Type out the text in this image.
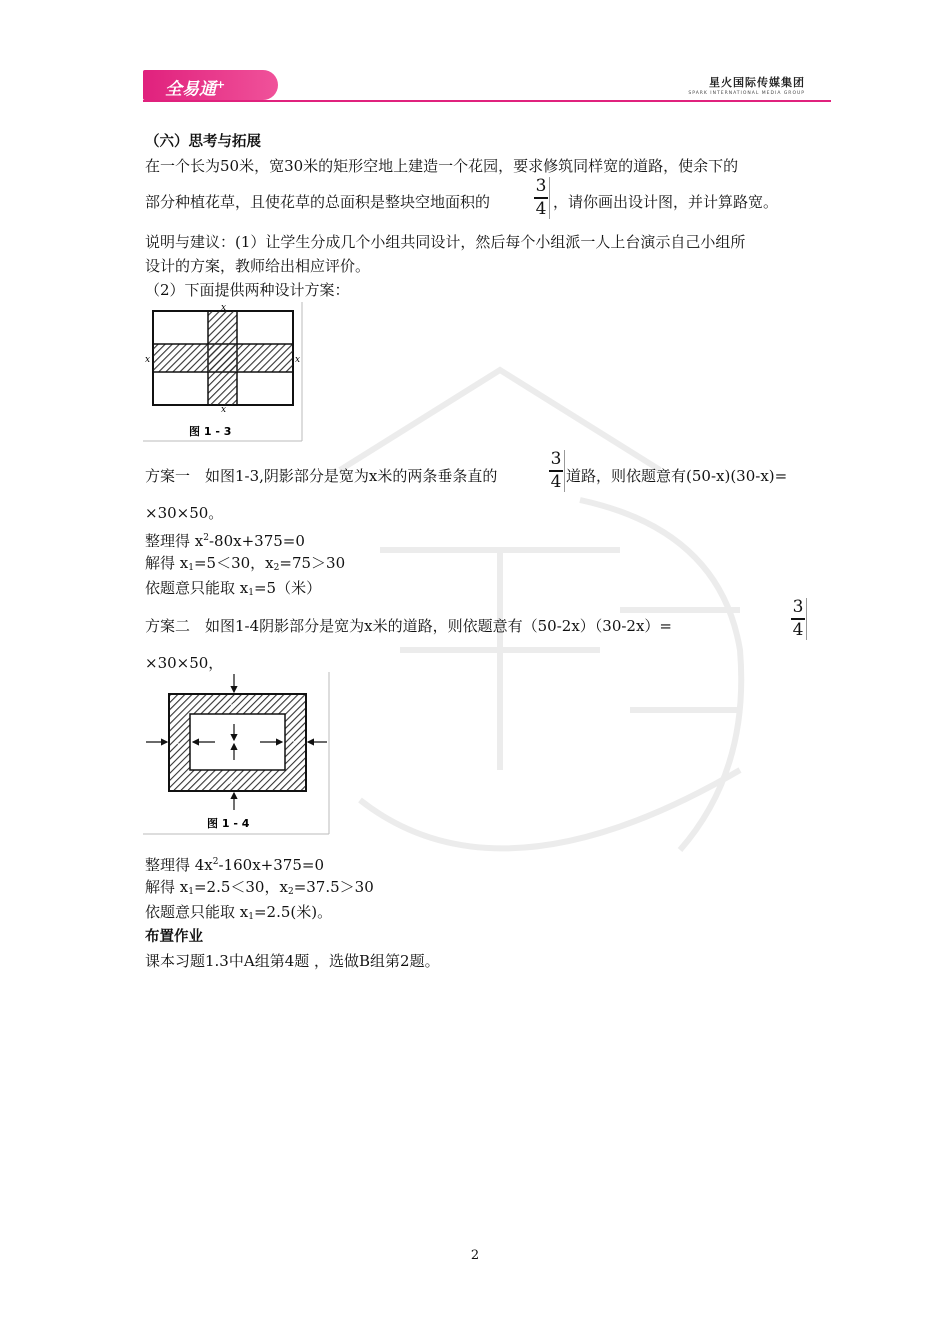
全易通+	星火国际传媒集团
SPARK INTERNATIONAL MEDIA GROUP
（六）思考与拓展
在一个长为50米，宽30米的矩形空地上建造一个花园，要求修筑同样宽的道路，使余下的
部分种植花草，且使花草的总面积是整块空地面积的
3
4 ，请你画出设计图，并计算路宽。
说明与建议：(1）让学生分成几个小组共同设计，然后每个小组派一人上台演示自己小组所
设计的方案，教师给出相应评价。
（2）下面提供两种设计方案：
x
x
x	x
图 1 - 3
方案一　如图1-3,阴影部分是宽为x米的两条垂条直的
3
4 道路，则依题意有(50-x)(30-x)=
×30×50。
整理得 $x^2-80x+375=0$
解得 $x_1=5<30$，$x_2=75>30$
依题意只能取 $x_1=5$（米）
方案二　如图1-4阴影部分是宽为x米的道路，则依题意有（50-2x）（30-2x）=
3
4
×30×50，
x
x
x	x
图 1 - 4
整理得 $4x^2-160x+375=0$
解得 $x_1=2.5<30$，$x_2=37.5>30$
依题意只能取 $x_1=2.5$(米)。
布置作业
课本习题1.3中A组第4题 ，选做B组第2题。
2
